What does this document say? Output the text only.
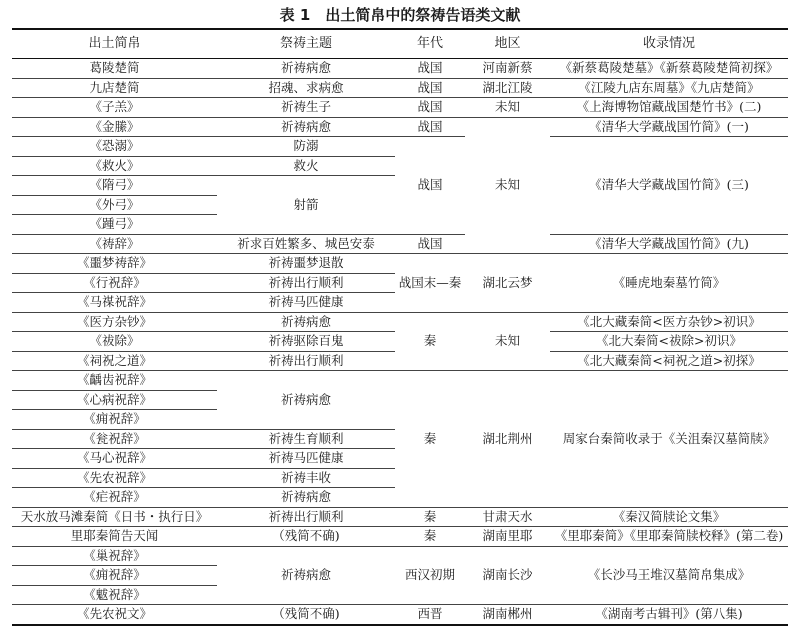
表 1　出土简帛中的祭祷告语类文献
出土简帛	祭祷主题	年代	地区	收录情况
葛陵楚简	祈祷病愈	战国	河南新蔡	《新蔡葛陵楚墓》《新蔡葛陵楚简初探》
九店楚简	招魂、求病愈	战国	湖北江陵	《江陵九店东周墓》《九店楚简》
《子羔》	祈祷生子	战国	未知	《上海博物馆藏战国楚竹书》(二)
《金縢》	祈祷病愈	战国	未知	《清华大学藏战国竹简》(一)
《恐溺》	防溺	战国		《清华大学藏战国竹简》(三)
《救火》	救火			
《隋弓》	射箭			
《外弓》				
《踵弓》				
《祷辞》	祈求百姓繁多、城邑安泰	战国		《清华大学藏战国竹简》(九)
《噩梦祷辞》	祈祷噩梦退散	战国末—秦	湖北云梦	《睡虎地秦墓竹简》
《行祝辞》	祈祷出行顺利			
《马禖祝辞》	祈祷马匹健康			
《医方杂钞》	祈祷病愈	秦	未知	《北大藏秦简<医方杂钞>初识》
《祓除》	祈祷驱除百鬼			《北大秦简<祓除>初识》
《祠祝之道》	祈祷出行顺利			《北大藏秦简<祠祝之道>初探》
《齲齿祝辞》	祈祷病愈	秦	湖北荆州	周家台秦简收录于《关沮秦汉墓简牍》
《心病祝辞》				
《痈祝辞》				
《瓮祝辞》	祈祷生育顺利			
《马心祝辞》	祈祷马匹健康			
《先农祝辞》	祈祷丰收			
《疟祝辞》	祈祷病愈			
天水放马滩秦简《日书・执行日》	祈祷出行顺利	秦	甘肃天水	《秦汉简牍论文集》
里耶秦简告天闻	（残简不确)	秦	湖南里耶	《里耶秦简》《里耶秦简牍校释》(第二卷)
《巢祝辞》	祈祷病愈	西汉初期	湖南长沙	《长沙马王堆汉墓简帛集成》
《痈祝辞》				
《魃祝辞》				
《先农祝文》	（残简不确)	西晋	湖南郴州	《湖南考古辑刊》(第八集)
